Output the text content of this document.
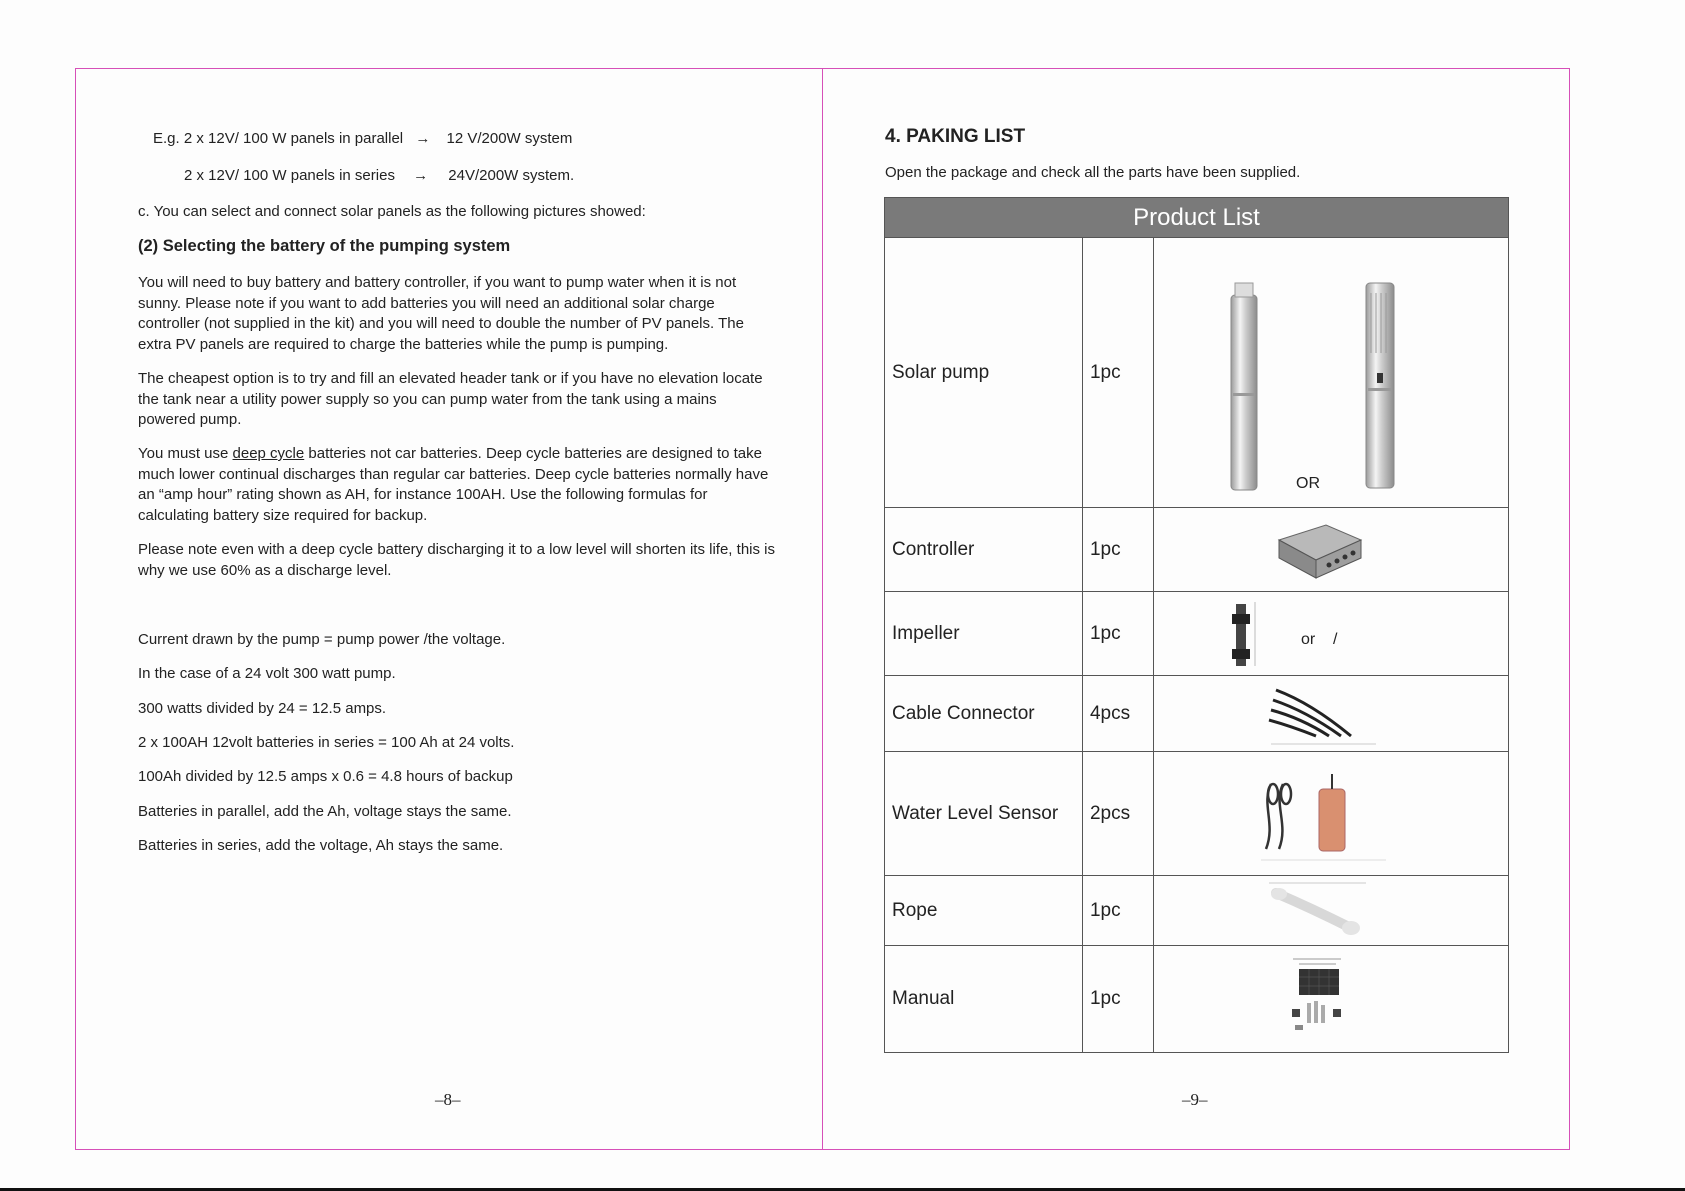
E.g. 2 x 12V/ 100 W panels in parallel → 12 V/200W system
2 x 12V/ 100 W panels in series → 24V/200W system.
c. You can select and connect solar panels as the following pictures showed:
(2) Selecting the battery of the pumping system

You will need to buy battery and battery controller, if you want to pump water when it is not sunny. Please note if you want to add batteries you will need an additional solar charge controller (not supplied in the kit) and you will need to double the number of PV panels. The extra PV panels are required to charge the batteries while the pump is pumping.

The cheapest option is to try and fill an elevated header tank or if you have no elevation locate the tank near a utility power supply so you can pump water from the tank using a mains powered pump.

You must use deep cycle batteries not car batteries. Deep cycle batteries are designed to take much lower continual discharges than regular car batteries. Deep cycle batteries normally have an “amp hour” rating shown as AH, for instance 100AH. Use the following formulas for calculating battery size required for backup.

Please note even with a deep cycle battery discharging it to a low level will shorten its life, this is why we use 60% as a discharge level.

Current drawn by the pump = pump power /the voltage.
In the case of a 24 volt 300 watt pump.
300 watts divided by 24 = 12.5 amps.
2 x 100AH 12volt batteries in series = 100 Ah at 24 volts.
100Ah divided by 12.5 amps x 0.6 = 4.8 hours of backup
Batteries in parallel, add the Ah, voltage stays the same.
Batteries in series, add the voltage, Ah stays the same.
–8–
4. PAKING LIST
Open the package and check all the parts have been supplied.
Product List		
Solar pump	1pc	OR

Controller	1pc	

Impeller	1pc	or    /

Cable Connector	4pcs	

Water Level Sensor	2pcs	

Rope	1pc	

Manual	1pc	
–9–
